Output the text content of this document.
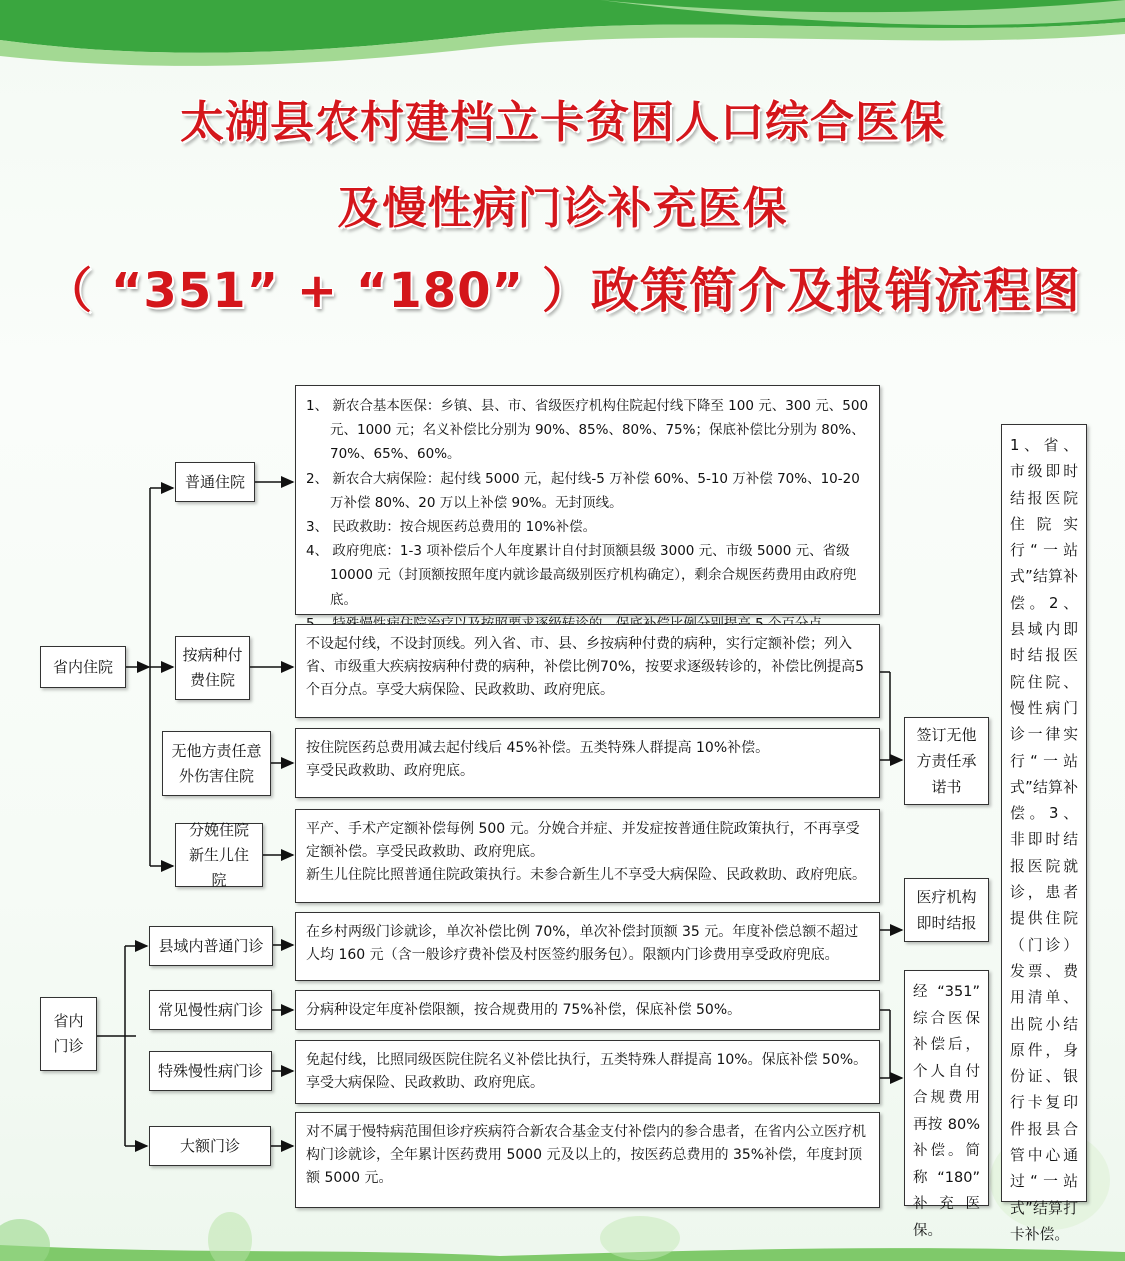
太湖县农村建档立卡贫困人口综合医保
及慢性病门诊补充医保
（ “351” + “180” ）政策简介及报销流程图
省内住院
普通住院
按病种付费住院
无他方责任意外伤害住院
分娩住院新生儿住院

1、 新农合基本医保：乡镇、县、市、省级医疗机构住院起付线下降至 100 元、300 元、500 元、1000 元；名义补偿比分别为 90%、85%、80%、75%；保底补偿比分别为 80%、70%、65%、60%。

2、 新农合大病保险：起付线 5000 元，起付线-5 万补偿 60%、5-10 万补偿 70%、10-20 万补偿 80%、20 万以上补偿 90%。无封顶线。

3、 民政救助：按合规医药总费用的 10%补偿。

4、 政府兜底：1-3 项补偿后个人年度累计自付封顶额县级 3000 元、市级 5000 元、省级 10000 元（封顶额按照年度内就诊最高级别医疗机构确定），剩余合规医药费用由政府兜底。

不设起付线，不设封顶线。列入省、市、县、乡按病种付费的病种，实行定额补偿；列入省、市级重大疾病按病种付费的病种，补偿比例70%，按要求逐级转诊的，补偿比例提高5个百分点。享受大病保险、民政救助、政府兜底。

按住院医药总费用减去起付线后 45%补偿。五类特殊人群提高 10%补偿。

享受民政救助、政府兜底。

平产、手术产定额补偿每例 500 元。分娩合并症、并发症按普通住院政策执行，不再享受定额补偿。享受民政救助、政府兜底。

新生儿住院比照普通住院政策执行。未参合新生儿不享受大病保险、民政救助、政府兜底。

签订无他方责任承诺书
医疗机构即时结报
省内门诊
县域内普通门诊
常见慢性病门诊
特殊慢性病门诊
大额门诊

在乡村两级门诊就诊，单次补偿比例 70%，单次补偿封顶额 35 元。年度补偿总额不超过人均 160 元（含一般诊疗费补偿及村医签约服务包）。限额内门诊费用享受政府兜底。

分病种设定年度补偿限额，按合规费用的 75%补偿，保底补偿 50%。

免起付线，比照同级医院住院名义补偿比执行，五类特殊人群提高 10%。保底补偿 50%。

享受大病保险、民政救助、政府兜底。

对不属于慢特病范围但诊疗疾病符合新农合基金支付补偿内的参合患者，在省内公立医疗机构门诊就诊，全年累计医药费用 5000 元及以上的，按医药总费用的 35%补偿，年度封顶额 5000 元。

经 “351” 综合医保补偿后，个人自付合规费用再按 80% 补偿。简称 “180” 补充医保。
1、省、市级即时结报医院住院实行“一站式”结算补偿。2、县域内即时结报医院住院、慢性病门诊一律实行“一站式”结算补偿。3、非即时结报医院就诊，患者提供住院（门诊）发票、费用清单、出院小结原件，身份证、银行卡复印件报县合管中心通过“一站式”结算打卡补偿。
